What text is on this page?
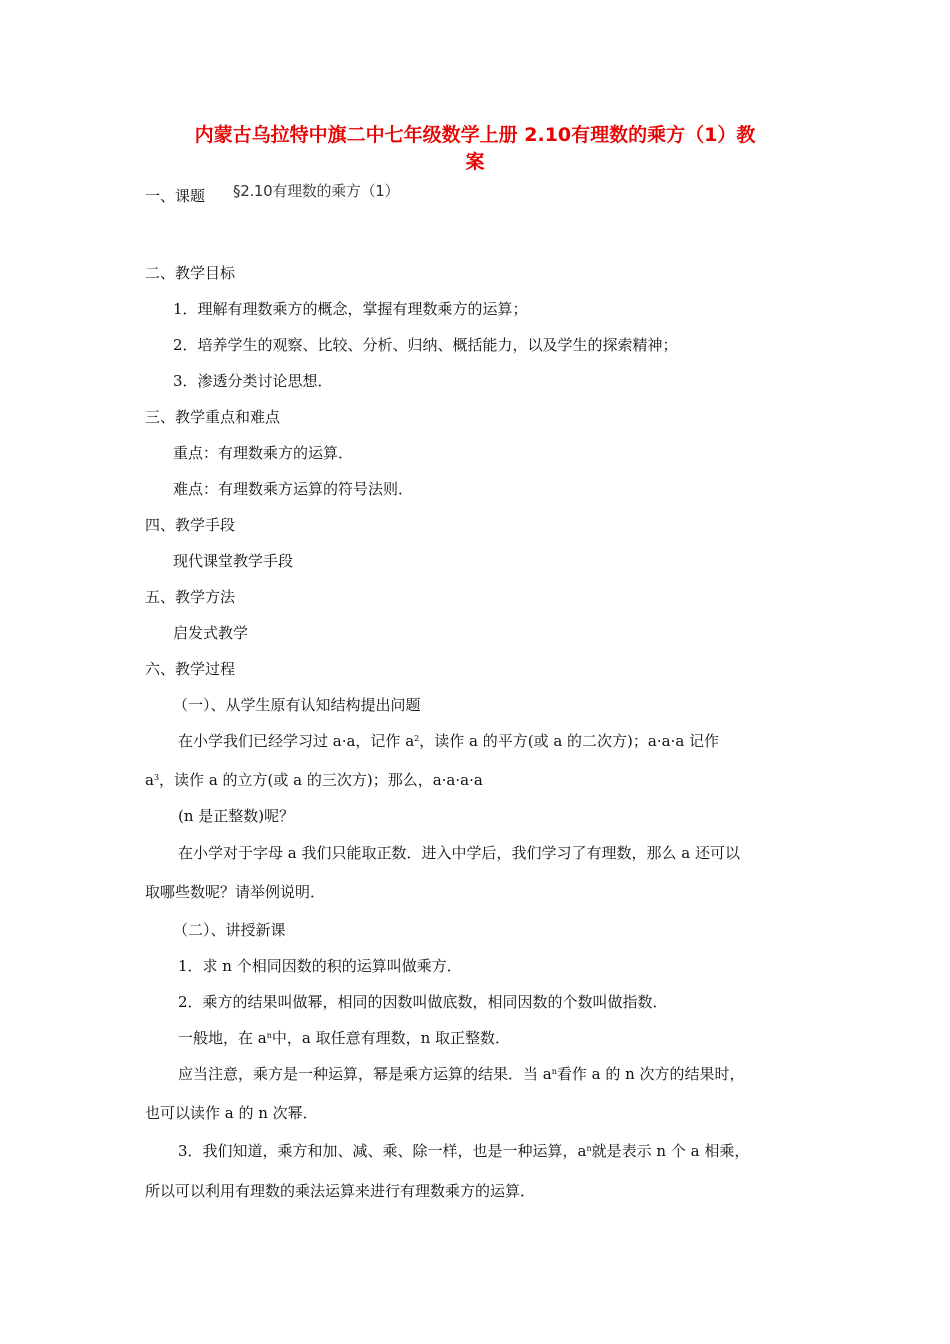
内蒙古乌拉特中旗二中七年级数学上册 2.10有理数的乘方（1）教
案
一、课题 §2.10有理数的乘方（1）
二、教学目标
1．理解有理数乘方的概念，掌握有理数乘方的运算；
2．培养学生的观察、比较、分析、归纳、概括能力，以及学生的探索精神；
3．渗透分类讨论思想．
三、教学重点和难点
重点：有理数乘方的运算．
难点：有理数乘方运算的符号法则．
四、教学手段
现代课堂教学手段
五、教学方法
启发式教学
六、教学过程
（一）、从学生原有认知结构提出问题
在小学我们已经学习过 a·a，记作 $a^2$，读作 a 的平方(或 a 的二次方)；a·a·a 记作
$a^3$，读作 a 的立方(或 a 的三次方)；那么，a·a·a·a
(n 是正整数)呢？
在小学对于字母 a 我们只能取正数．进入中学后，我们学习了有理数，那么 a 还可以
取哪些数呢？请举例说明．
（二）、讲授新课
1．求 n 个相同因数的积的运算叫做乘方．
2．乘方的结果叫做幂，相同的因数叫做底数，相同因数的个数叫做指数．
一般地，在 $a^n$中，a 取任意有理数，n 取正整数．
应当注意，乘方是一种运算，幂是乘方运算的结果．当 $a^n$看作 a 的 n 次方的结果时，
也可以读作 a 的 n 次幂．
3．我们知道，乘方和加、减、乘、除一样，也是一种运算，$a^n$就是表示 n 个 a 相乘，
所以可以利用有理数的乘法运算来进行有理数乘方的运算．
